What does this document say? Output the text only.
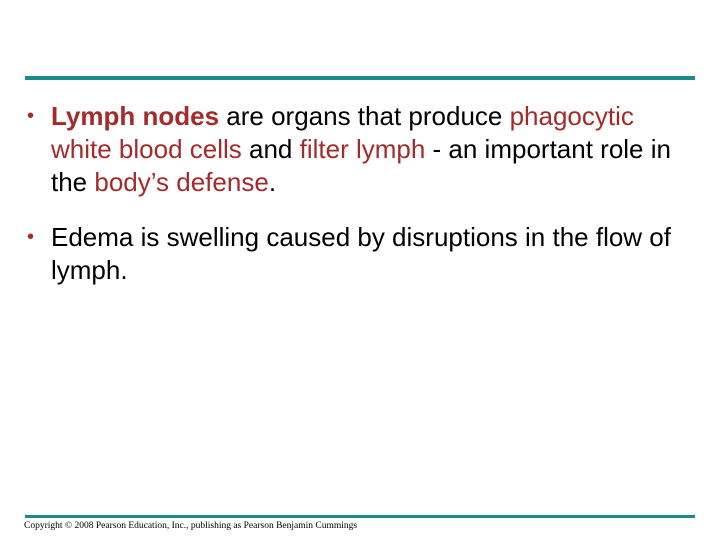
• Lymph nodes are organs that produce phagocytic white blood cells and filter lymph - an important role in the body’s defense.
• Edema is swelling caused by disruptions in the flow of lymph.
Copyright © 2008 Pearson Education, Inc., publishing as Pearson Benjamin Cummings
